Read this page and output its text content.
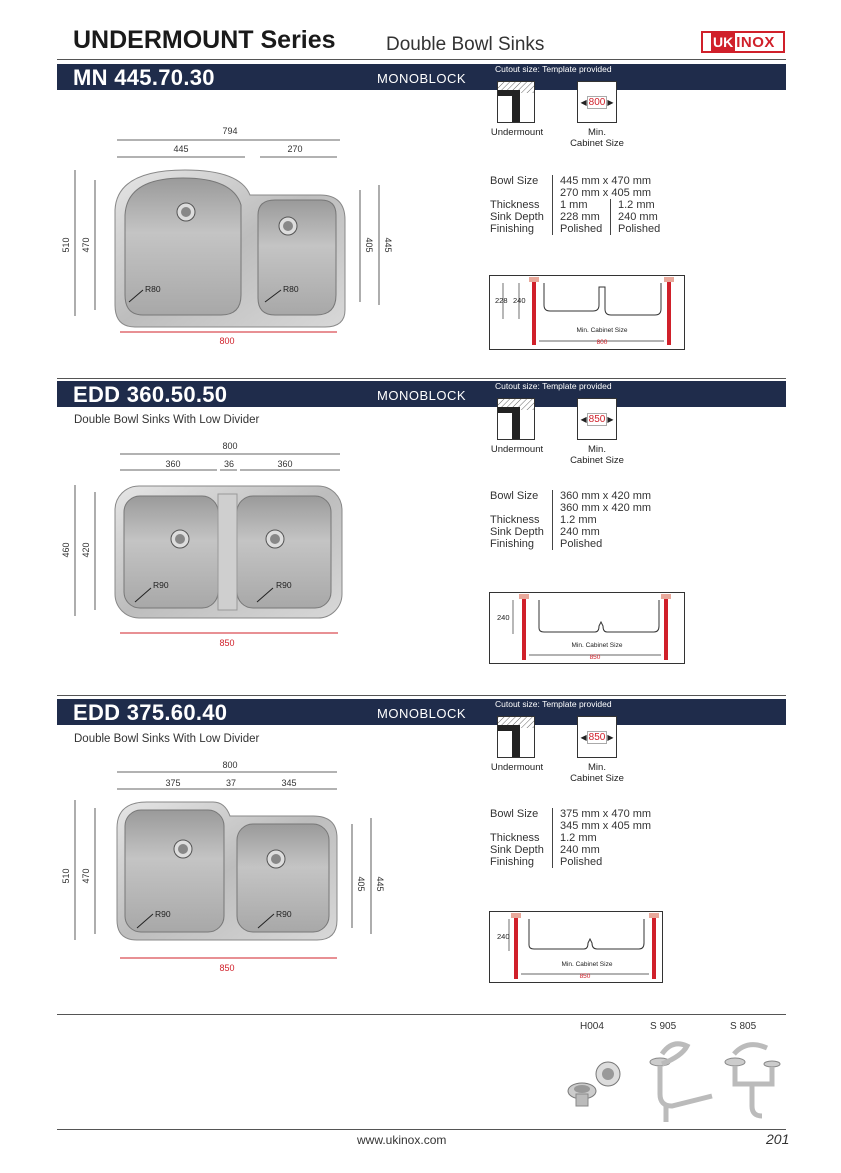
UNDERMOUNT Series	Double Bowl Sinks	UK INOX
MN 445.70.30	MONOBLOCK
Cutout size: Template provided
Undermount
◀ 800 ▶
Min.
Cabinet Size
794
445	270
510 470	405 445
R80	R80
800
Bowl Size	445 mm x 470 mm
270 mm x 405 mm
Thickness	1 mm	1.2 mm
Sink Depth	228 mm 240 mm
Finishing	Polished Polished
228 240
Min. Cabinet Size
800
EDD 360.50.50	MONOBLOCK
Cutout size: Template provided
Double Bowl Sinks With Low Divider
Undermount
◀ 850 ▶
Min.
Cabinet Size
800
360	36	360
460 420
R90	R90
850
Bowl Size	360 mm x 420 mm
360 mm x 420 mm
Thickness	1.2 mm
Sink Depth	240 mm
Finishing	Polished
240
Min. Cabinet Size
850
EDD 375.60.40	MONOBLOCK
Cutout size: Template provided
Double Bowl Sinks With Low Divider
Undermount
◀ 850 ▶
Min.
Cabinet Size
800
375	37	345
510 470
405 445
R90	R90
850
Bowl Size	375 mm x 470 mm
345 mm x 405 mm
Thickness	1.2 mm
Sink Depth	240 mm
Finishing	Polished
240
Min. Cabinet Size
850
H004	S 905	S 805
www.ukinox.com	201
